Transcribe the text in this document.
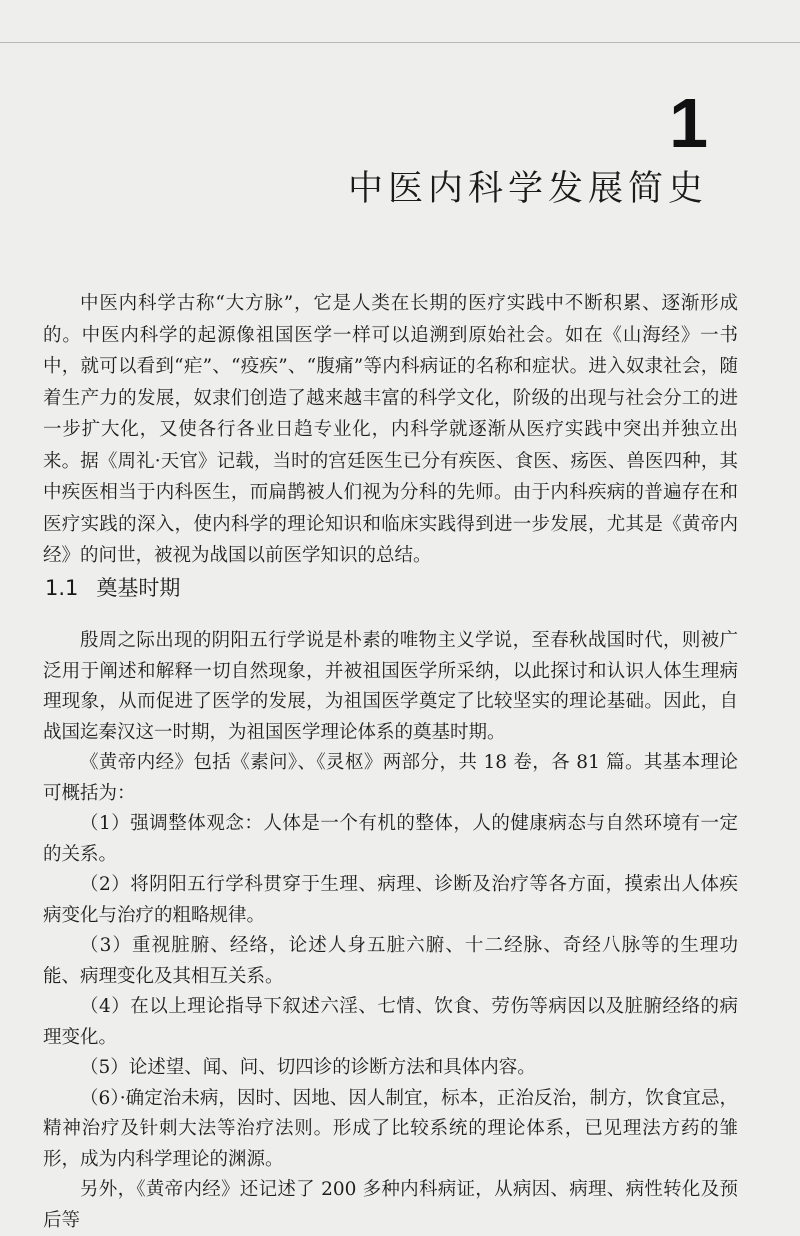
1
中医内科学发展简史

中医内科学古称“大方脉”，它是人类在长期的医疗实践中不断积累、逐渐形成的。中医内科学的起源像祖国医学一样可以追溯到原始社会。如在《山海经》一书中，就可以看到“疟”、“疫疾”、“腹痛”等内科病证的名称和症状。进入奴隶社会，随着生产力的发展，奴隶们创造了越来越丰富的科学文化，阶级的出现与社会分工的进一步扩大化，又使各行各业日趋专业化，内科学就逐渐从医疗实践中突出并独立出来。据《周礼·天官》记载，当时的宫廷医生已分有疾医、食医、疡医、兽医四种，其中疾医相当于内科医生，而扁鹊被人们视为分科的先师。由于内科疾病的普遍存在和医疗实践的深入，使内科学的理论知识和临床实践得到进一步发展，尤其是《黄帝内经》的问世，被视为战国以前医学知识的总结。

1.1 奠基时期

殷周之际出现的阴阳五行学说是朴素的唯物主义学说，至春秋战国时代，则被广泛用于阐述和解释一切自然现象，并被祖国医学所采纳，以此探讨和认识人体生理病理现象，从而促进了医学的发展，为祖国医学奠定了比较坚实的理论基础。因此，自战国迄秦汉这一时期，为祖国医学理论体系的奠基时期。

《黄帝内经》包括《素问》、《灵枢》两部分，共 18 卷，各 81 篇。其基本理论可概括为：

（1）强调整体观念：人体是一个有机的整体，人的健康病态与自然环境有一定的关系。

（2）将阴阳五行学科贯穿于生理、病理、诊断及治疗等各方面，摸索出人体疾病变化与治疗的粗略规律。

（3）重视脏腑、经络，论述人身五脏六腑、十二经脉、奇经八脉等的生理功能、病理变化及其相互关系。

（4）在以上理论指导下叙述六淫、七情、饮食、劳伤等病因以及脏腑经络的病理变化。

（5）论述望、闻、问、切四诊的诊断方法和具体内容。

（6）·确定治未病，因时、因地、因人制宜，标本，正治反治，制方，饮食宜忌，精神治疗及针刺大法等治疗法则。形成了比较系统的理论体系，已见理法方药的雏形，成为内科学理论的渊源。

另外，《黄帝内经》还记述了 200 多种内科病证，从病因、病理、病性转化及预后等
